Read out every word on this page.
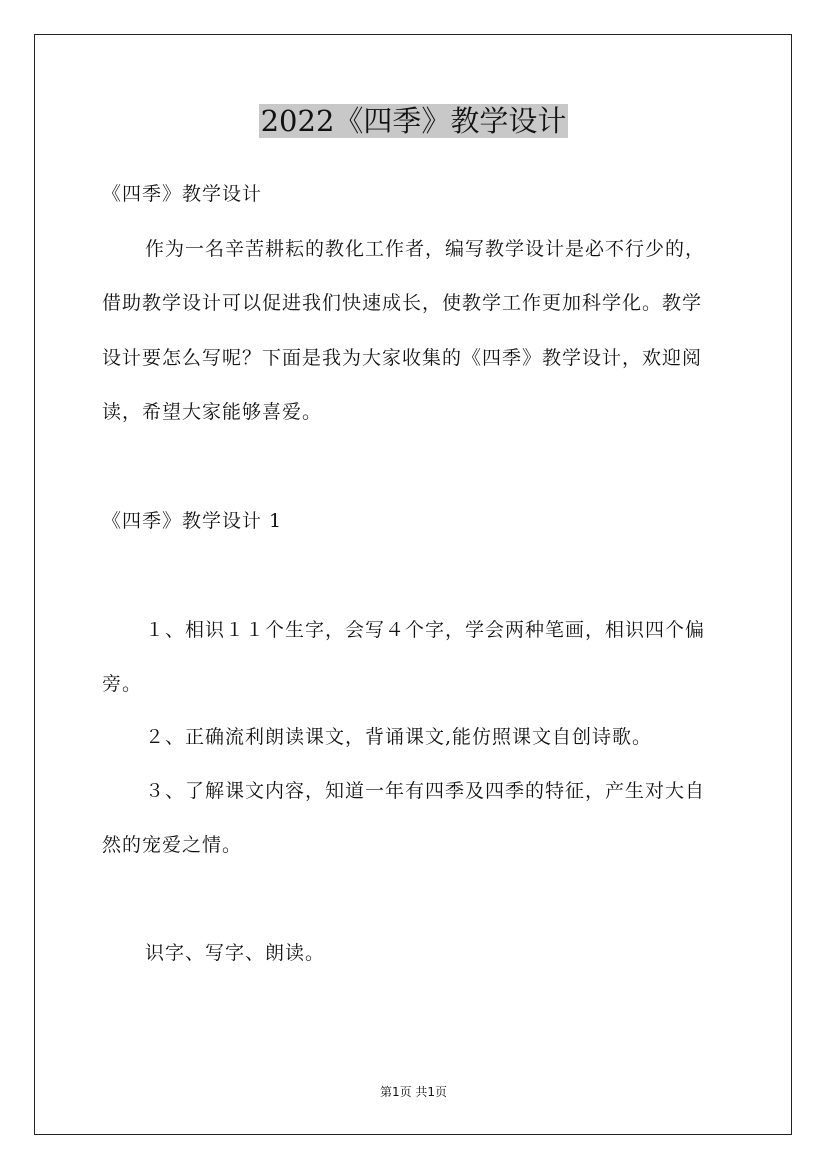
2022《四季》教学设计
《四季》教学设计
作为一名辛苦耕耘的教化工作者，编写教学设计是必不行少的，
借助教学设计可以促进我们快速成长，使教学工作更加科学化。教学
设计要怎么写呢？下面是我为大家收集的《四季》教学设计，欢迎阅
读，希望大家能够喜爱。
《四季》教学设计 1
１、相识１１个生字，会写４个字，学会两种笔画，相识四个偏
旁。
２、正确流利朗读课文，背诵课文,能仿照课文自创诗歌。
３、了解课文内容，知道一年有四季及四季的特征，产生对大自
然的宠爱之情。
识字、写字、朗读。
第1页 共1页
